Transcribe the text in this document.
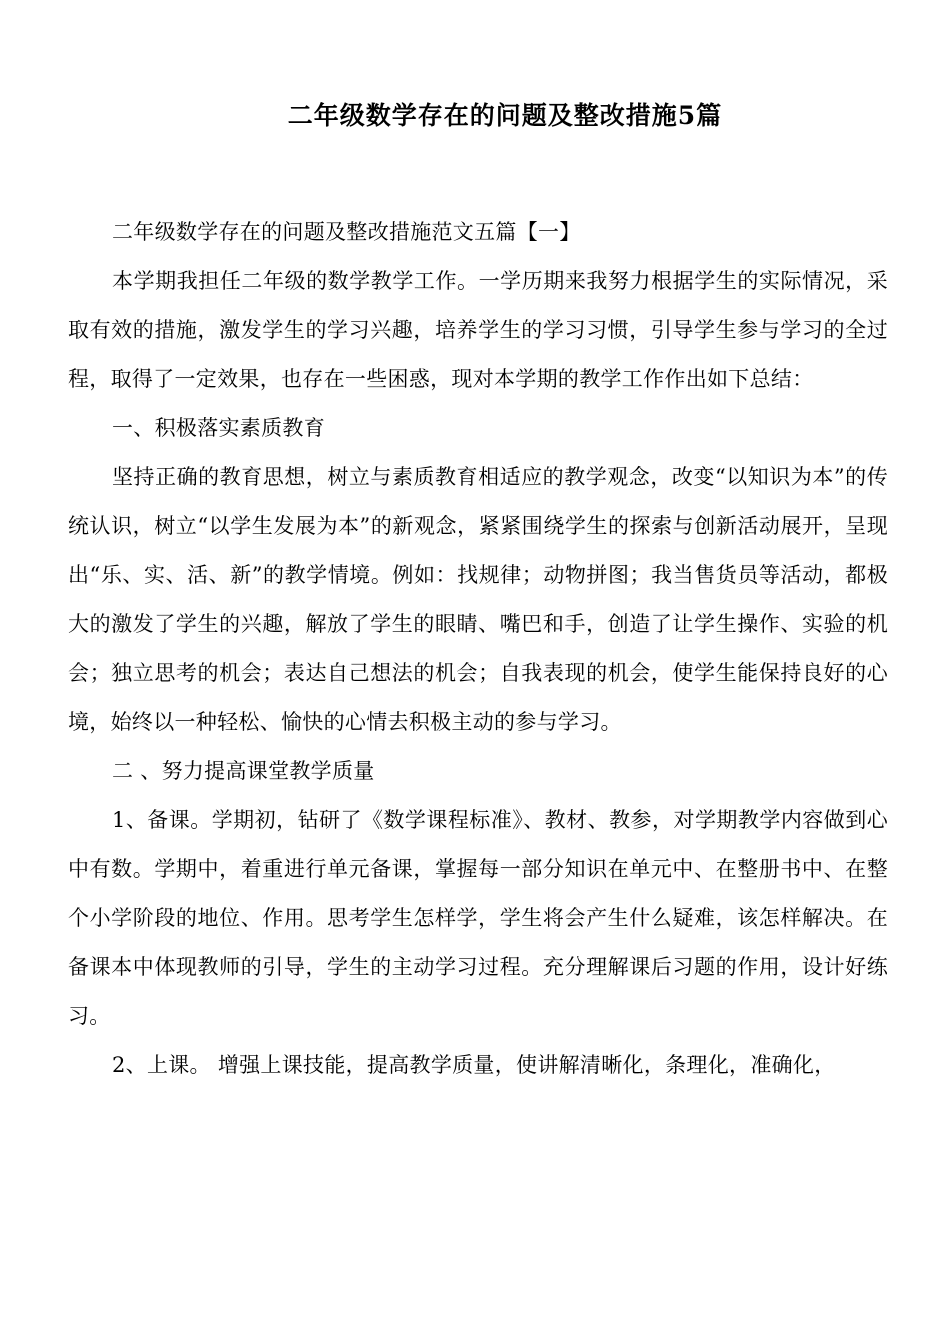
二年级数学存在的问题及整改措施5篇

二年级数学存在的问题及整改措施范文五篇【一】

本学期我担任二年级的数学教学工作。一学历期来我努力根据学生的实际情况，采取有效的措施，激发学生的学习兴趣，培养学生的学习习惯，引导学生参与学习的全过程，取得了一定效果，也存在一些困惑，现对本学期的教学工作作出如下总结：

一、积极落实素质教育

坚持正确的教育思想，树立与素质教育相适应的教学观念，改变“以知识为本”的传统认识，树立“以学生发展为本”的新观念，紧紧围绕学生的探索与创新活动展开，呈现出“乐、实、活、新”的教学情境。例如：找规律；动物拼图；我当售货员等活动，都极大的激发了学生的兴趣，解放了学生的眼睛、嘴巴和手，创造了让学生操作、实验的机会；独立思考的机会；表达自己想法的机会；自我表现的机会，使学生能保持良好的心境，始终以一种轻松、愉快的心情去积极主动的参与学习。

二 、努力提高课堂教学质量

1、备课。学期初，钻研了《数学课程标准》、教材、教参，对学期教学内容做到心中有数。学期中，着重进行单元备课，掌握每一部分知识在单元中、在整册书中、在整个小学阶段的地位、作用。思考学生怎样学，学生将会产生什么疑难，该怎样解决。在备课本中体现教师的引导，学生的主动学习过程。充分理解课后习题的作用，设计好练习。

2、上课。 增强上课技能，提高教学质量，使讲解清晰化，条理化，准确化，
